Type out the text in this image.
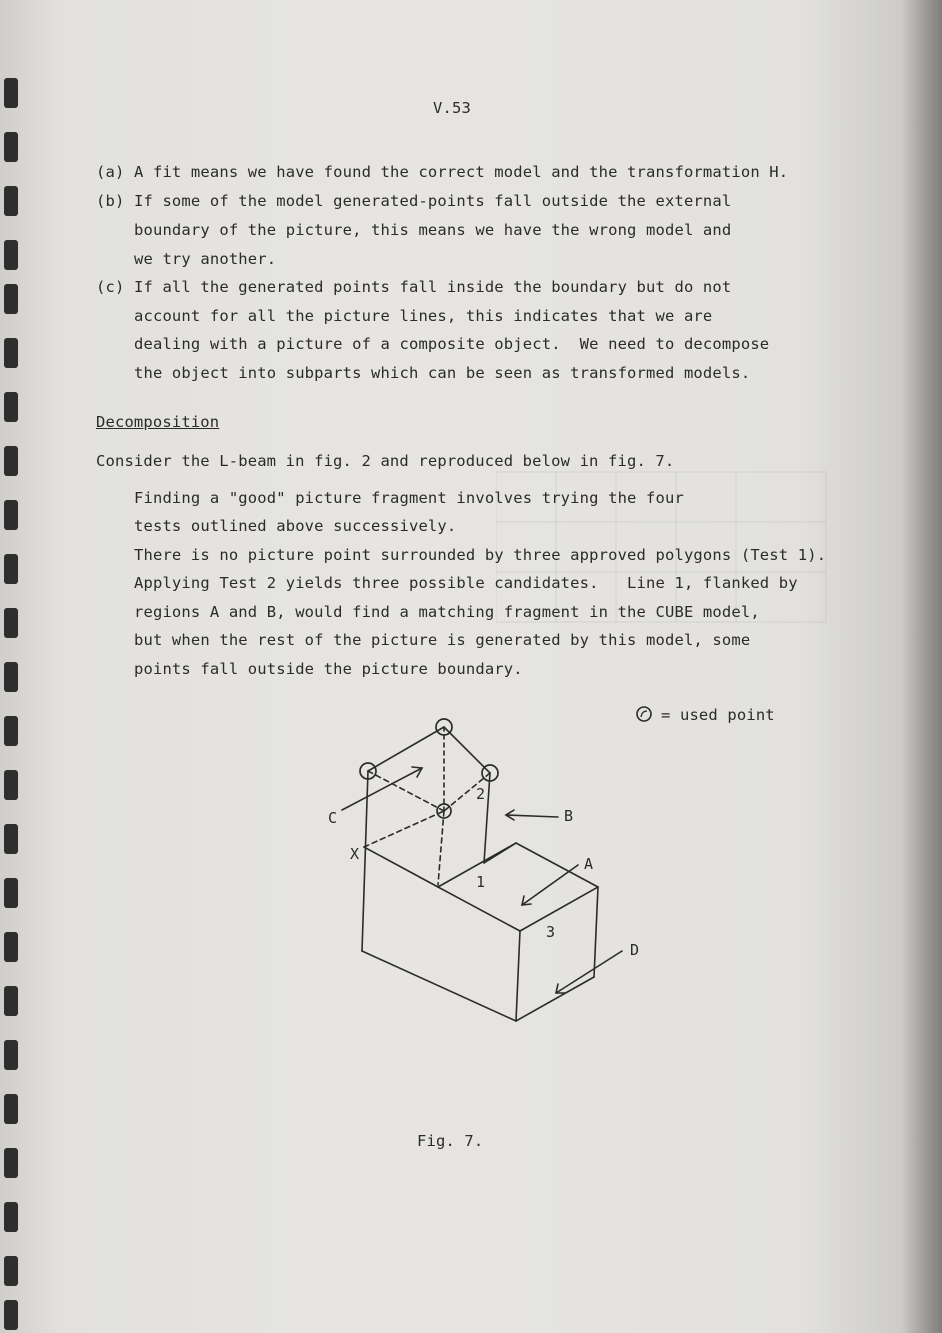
V.53
(a) A fit means we have found the correct model and the transformation H.
(b) If some of the model generated-points fall outside the external
boundary of the picture, this means we have the wrong model and
we try another.
(c) If all the generated points fall inside the boundary but do not
account for all the picture lines, this indicates that we are
dealing with a picture of a composite object.  We need to decompose
the object into subparts which can be seen as transformed models.
Decomposition
Consider the L-beam in fig. 2 and reproduced below in fig. 7.
Finding a "good" picture fragment involves trying the four
tests outlined above successively.
There is no picture point surrounded by three approved polygons (Test 1).
Applying Test 2 yields three possible candidates.   Line 1, flanked by
but when the rest of the picture is generated by this model, some
regions A and B, would find a matching fragment in the CUBE model,
points fall outside the picture boundary.
= used point
C	B
X
A
D
2
1
3
Fig. 7.
